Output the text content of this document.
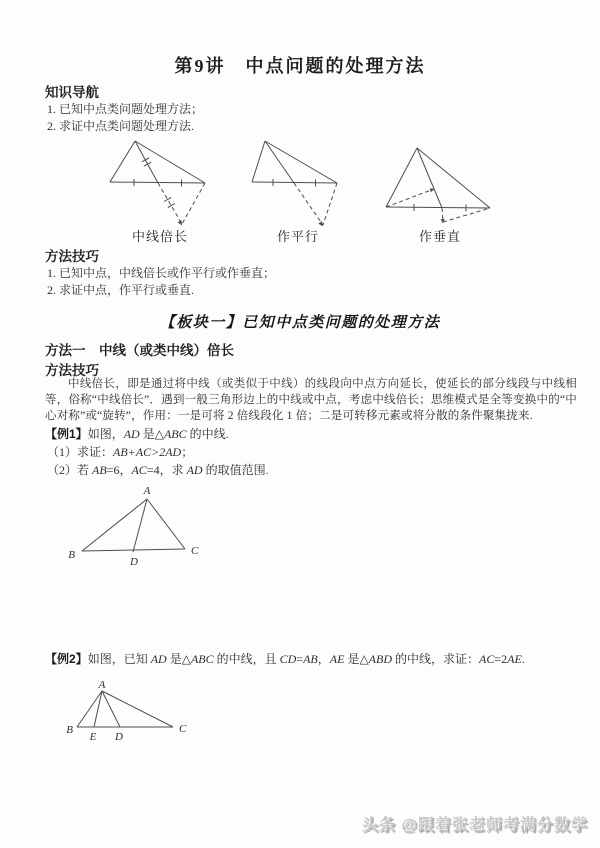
第9讲　中点问题的处理方法
知识导航
1. 已知中点类问题处理方法；
2. 求证中点类问题处理方法.
中线倍长	作平行	作垂直
方法技巧
1. 已知中点，中线倍长或作平行或作垂直；
2. 求证中点，作平行或垂直.
【板块一】已知中点类问题的处理方法
方法一　中线（或类中线）倍长
方法技巧
中线倍长，即是通过将中线（或类似于中线）的线段向中点方向延长，使延长的部分线段与中线相等，俗称“中线倍长”．遇到一般三角形边上的中线或中点，考虑中线倍长；思维模式是全等变换中的“中心对称”或“旋转”，作用：一是可将 2 倍线段化 1 倍；二是可转移元素或将分散的条件聚集拢来.
【例1】如图，AD 是△ABC 的中线.
（1）求证：AB+AC>2AD；
（2）若 AB=6，AC=4，求 AD 的取值范围.
A
B	C
D
【例2】如图，已知 AD 是△ABC 的中线，且 CD=AB，AE 是△ABD 的中线，求证：AC=2AE.
A
B
E D
C
头条 @跟着张老师考满分数学
